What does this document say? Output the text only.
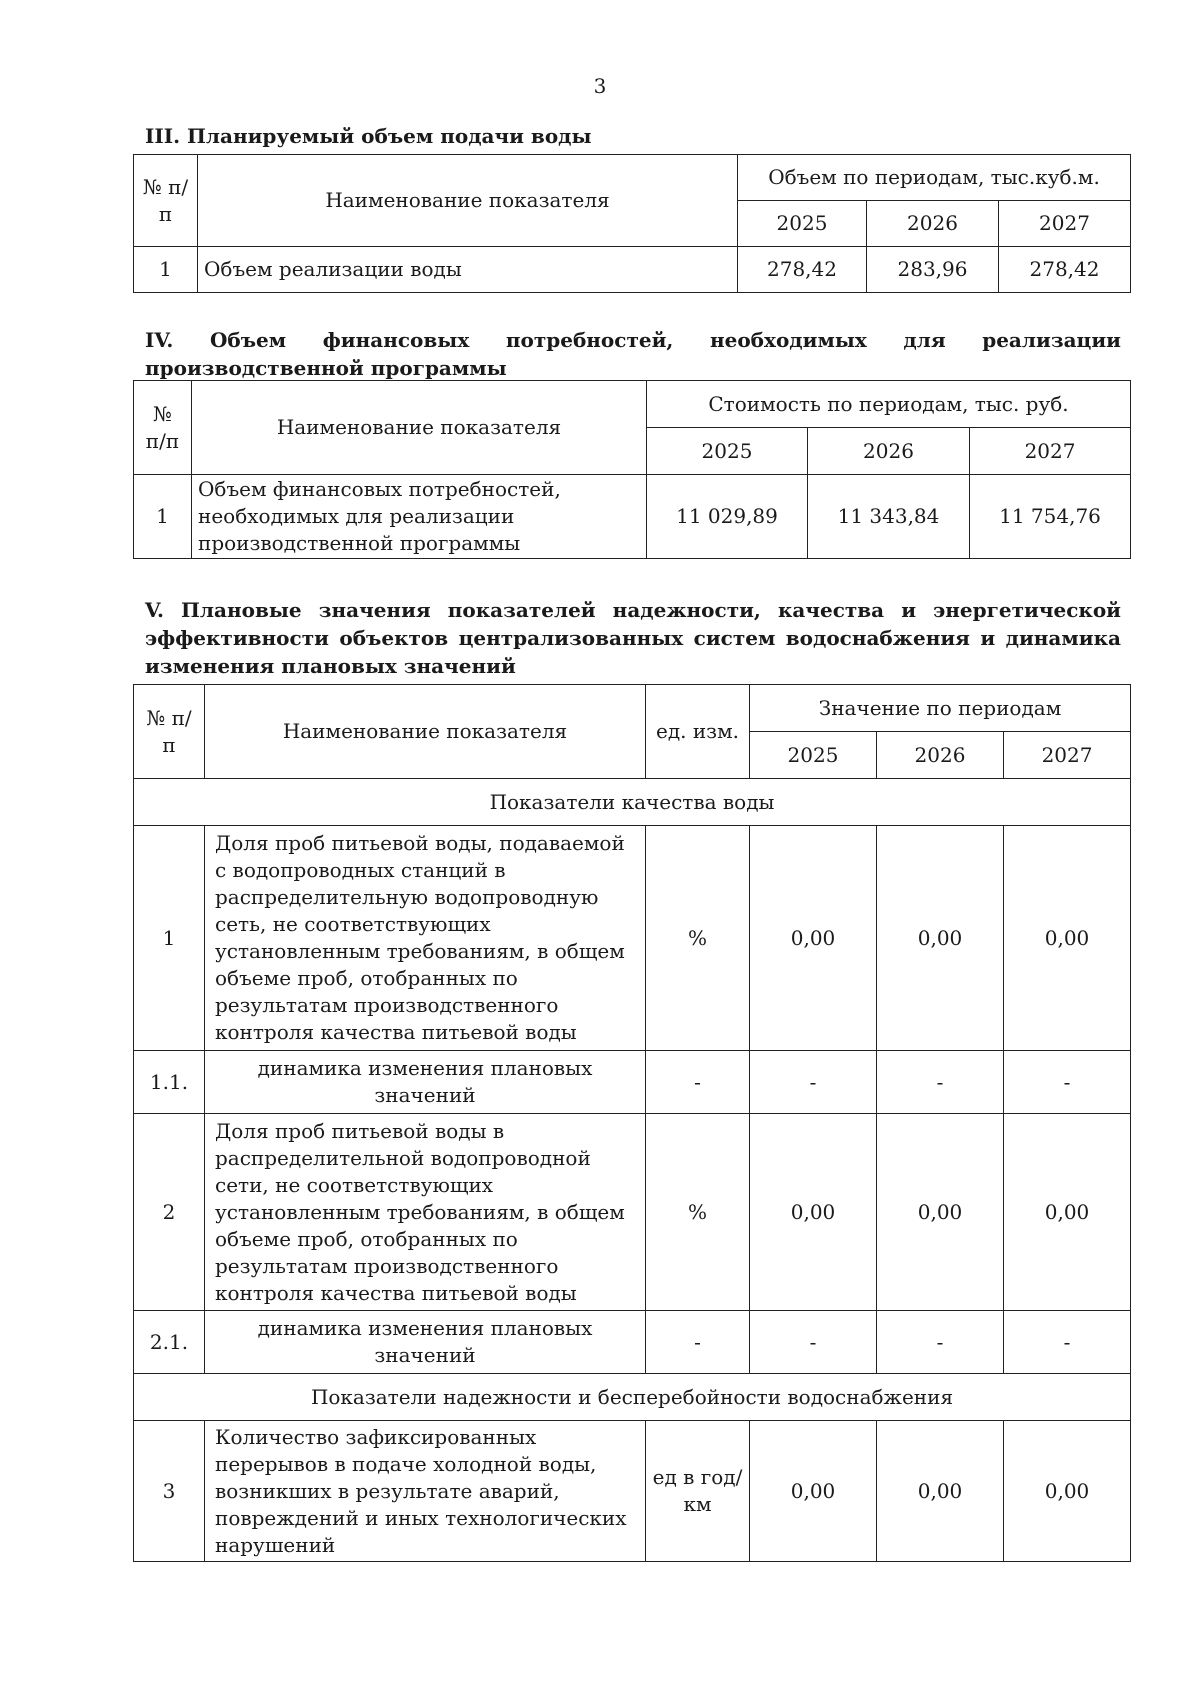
3
III. Планируемый объем подачи воды
№ п/п	Наименование показателя	Объем по периодам, тыс.куб.м.		
		2025	2026	2027
1	Объем реализации воды	278,42	283,96	278,42
IV. Объем финансовых потребностей, необходимых для реализации производственной программы
№ п/п	Наименование показателя	Стоимость по периодам, тыс. руб.		
		2025	2026	2027
1	Объем финансовых потребностей, необходимых для реализации производственной программы	11 029,89	11 343,84	11 754,76
V. Плановые значения показателей надежности, качества и энергетической эффективности объектов централизованных систем водоснабжения и динамика изменения плановых значений
№ п/п	Наименование показателя	ед. изм.	Значение по периодам		
			2025	2026	2027
Показатели качества воды					
1	Доля проб питьевой воды, подаваемой с водопроводных станций в распределительную водопроводную сеть, не соответствующих установленным требованиям, в общем объеме проб, отобранных по результатам производственного контроля качества питьевой воды	%	0,00	0,00	0,00
1.1.	динамика изменения плановых значений	-	-	-	-
2	Доля проб питьевой воды в распределительной водопроводной сети, не соответствующих установленным требованиям, в общем объеме проб, отобранных по результатам производственного контроля качества питьевой воды	%	0,00	0,00	0,00
2.1.	динамика изменения плановых значений	-	-	-	-
Показатели надежности и бесперебойности водоснабжения					
3	Количество зафиксированных перерывов в подаче холодной воды, возникших в результате аварий, повреждений и иных технологических нарушений	ед в год/ км	0,00	0,00	0,00
